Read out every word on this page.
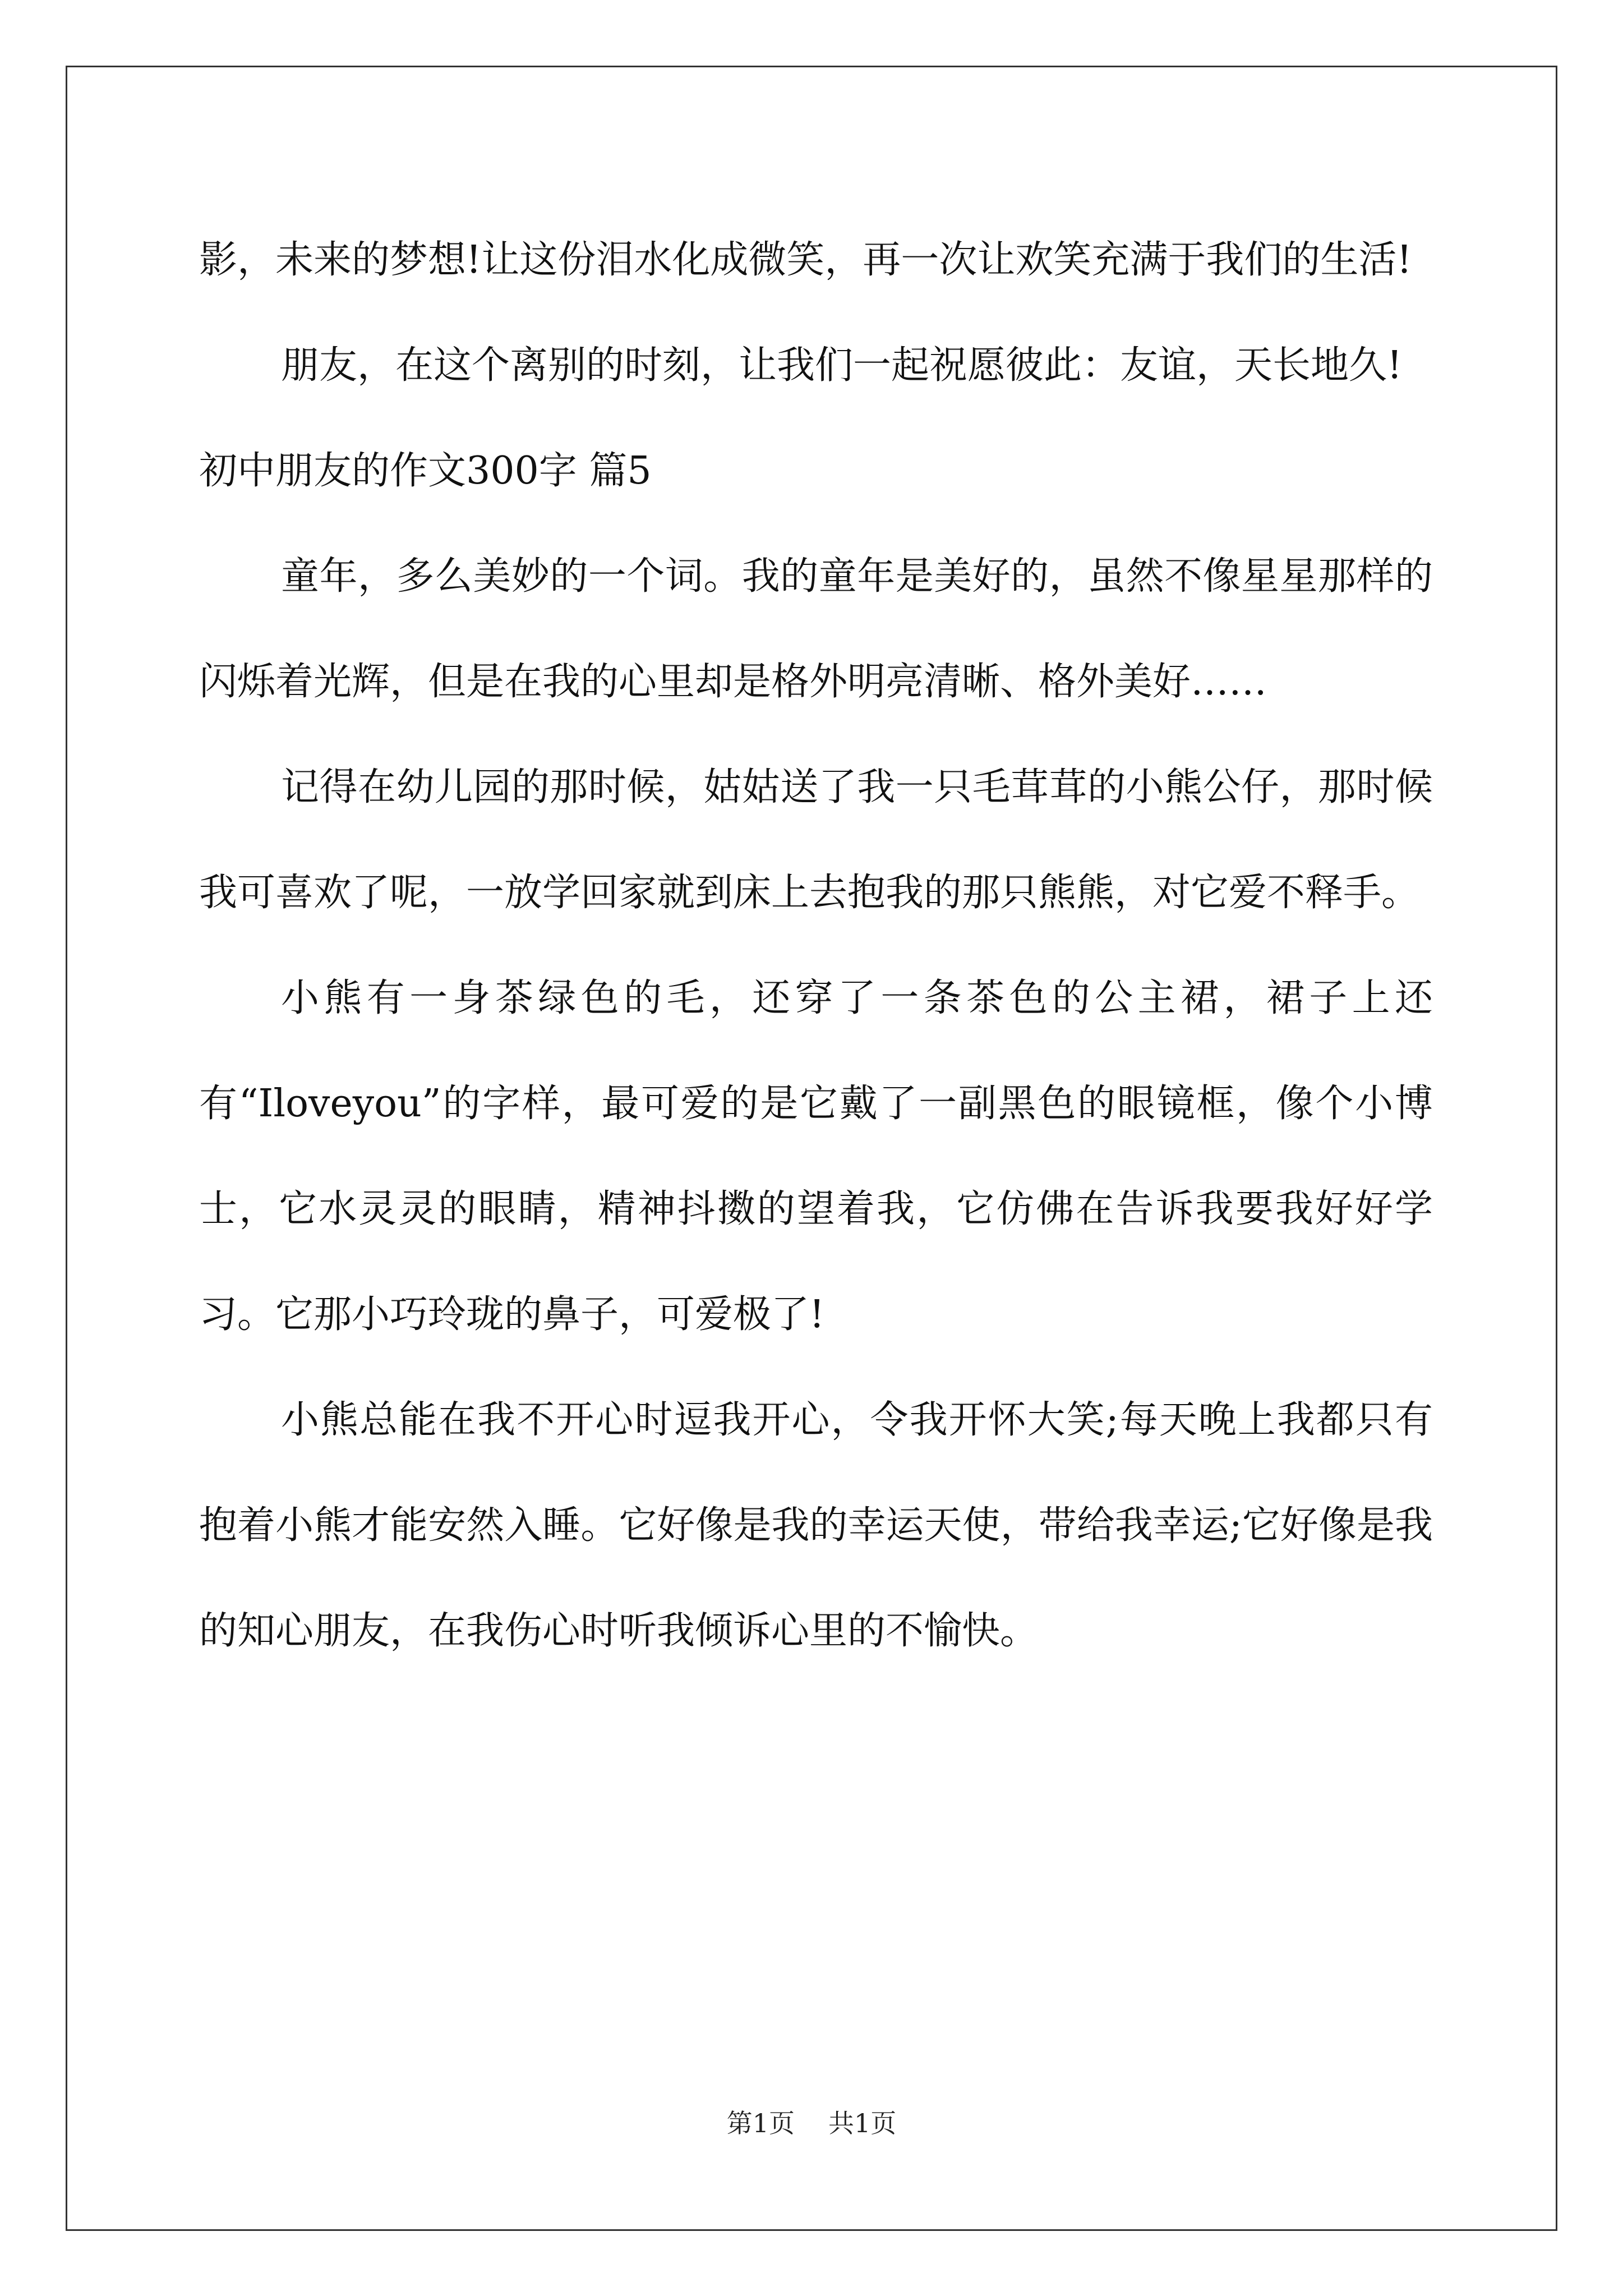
影，未来的梦想!让这份泪水化成微笑，再一次让欢笑充满于我们的生活!

朋友，在这个离别的时刻，让我们一起祝愿彼此：友谊，天长地久!

初中朋友的作文300字 篇5

童年，多么美妙的一个词。我的童年是美好的，虽然不像星星那样的闪烁着光辉，但是在我的心里却是格外明亮清晰、格外美好……

记得在幼儿园的那时候，姑姑送了我一只毛茸茸的小熊公仔，那时候我可喜欢了呢，一放学回家就到床上去抱我的那只熊熊，对它爱不释手。

小熊有一身茶绿色的毛，还穿了一条茶色的公主裙，裙子上还有“Iloveyou”的字样，最可爱的是它戴了一副黑色的眼镜框，像个小博士，它水灵灵的眼睛，精神抖擞的望着我，它仿佛在告诉我要我好好学习。它那小巧玲珑的鼻子，可爱极了!

小熊总能在我不开心时逗我开心，令我开怀大笑;每天晚上我都只有抱着小熊才能安然入睡。它好像是我的幸运天使，带给我幸运;它好像是我的知心朋友，在我伤心时听我倾诉心里的不愉快。

第1页 共1页
